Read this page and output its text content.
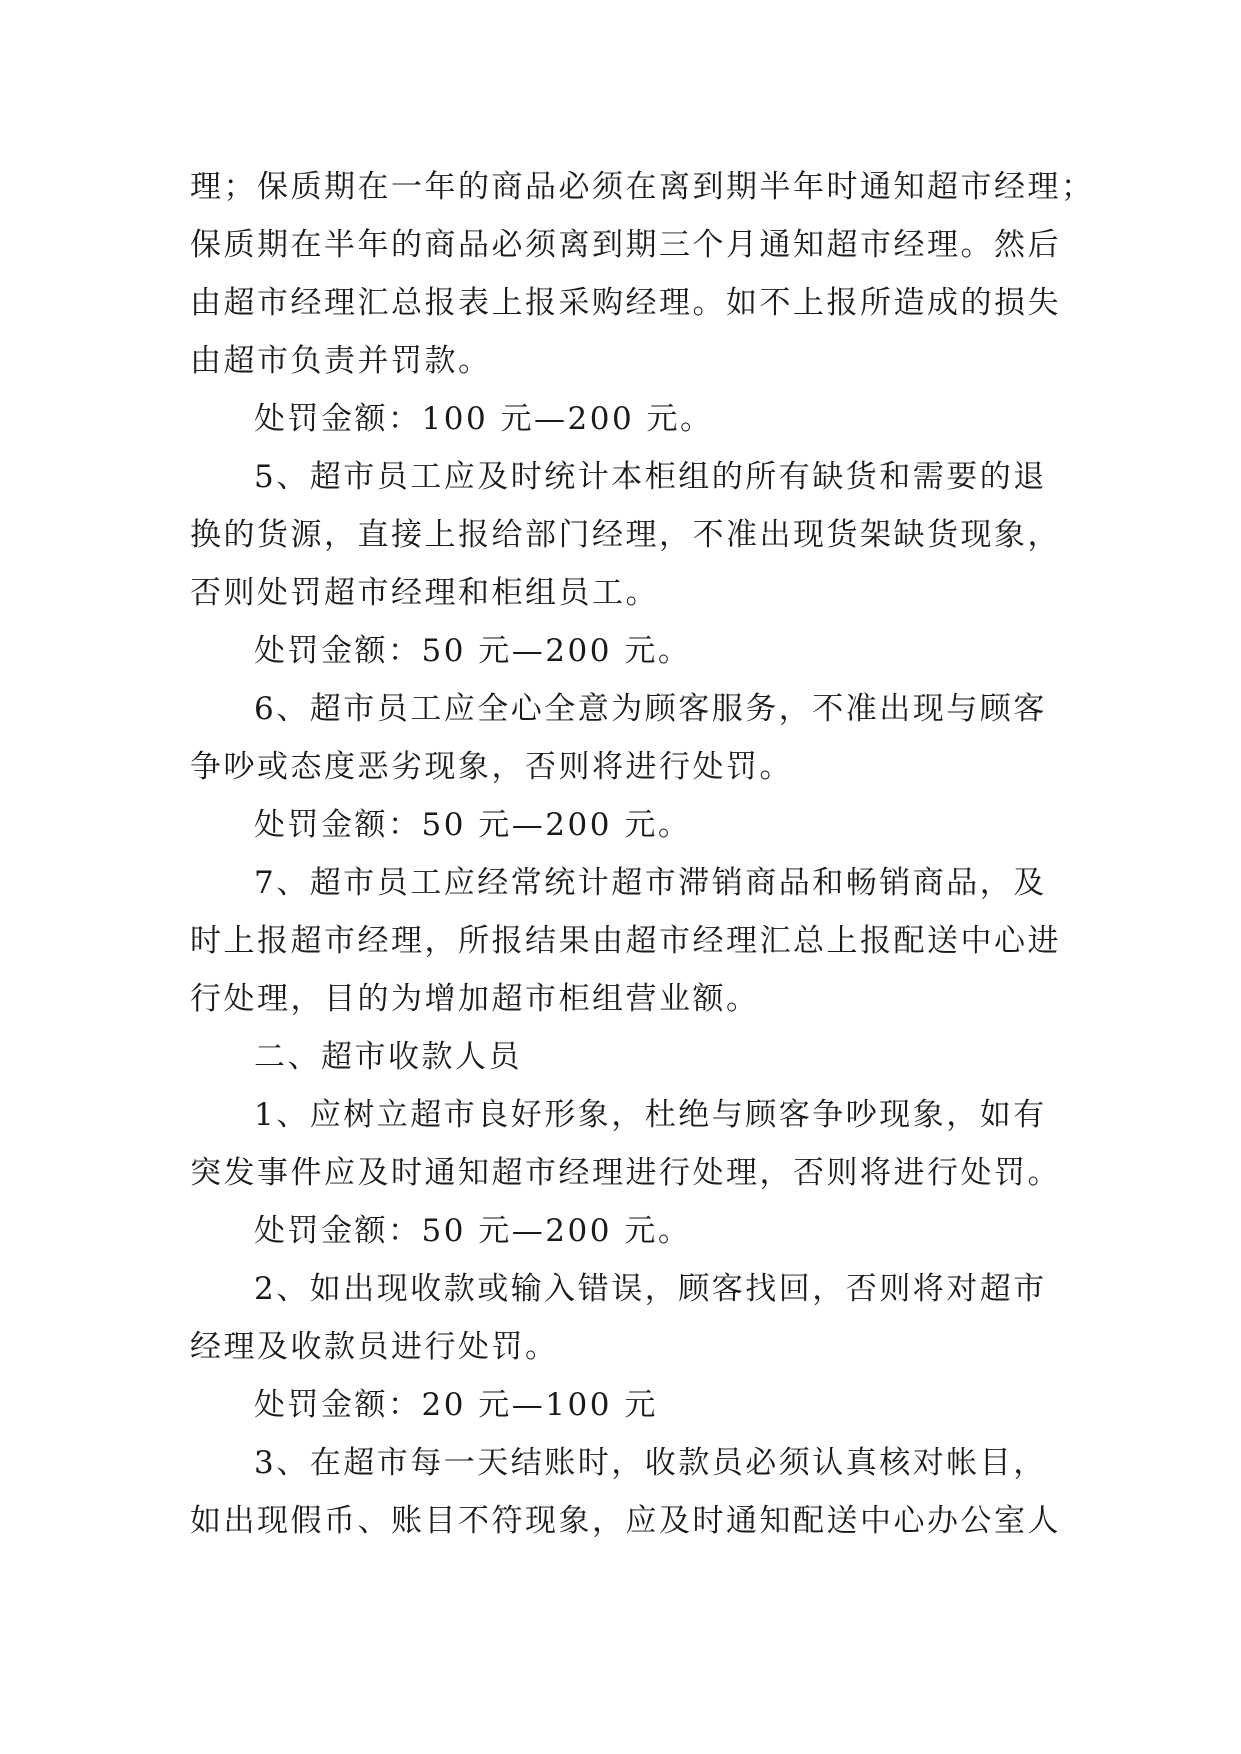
理；保质期在一年的商品必须在离到期半年时通知超市经理；
保质期在半年的商品必须离到期三个月通知超市经理。然后
由超市经理汇总报表上报采购经理。如不上报所造成的损失
由超市负责并罚款。
处罚金额：100 元—200 元。
5、超市员工应及时统计本柜组的所有缺货和需要的退
换的货源，直接上报给部门经理，不准出现货架缺货现象，
否则处罚超市经理和柜组员工。
处罚金额：50 元—200 元。
6、超市员工应全心全意为顾客服务，不准出现与顾客
争吵或态度恶劣现象，否则将进行处罚。
处罚金额：50 元—200 元。
7、超市员工应经常统计超市滞销商品和畅销商品，及
时上报超市经理，所报结果由超市经理汇总上报配送中心进
行处理，目的为增加超市柜组营业额。
二、超市收款人员
1、应树立超市良好形象，杜绝与顾客争吵现象，如有
突发事件应及时通知超市经理进行处理，否则将进行处罚。
处罚金额：50 元—200 元。
2、如出现收款或输入错误，顾客找回，否则将对超市
经理及收款员进行处罚。
处罚金额：20 元—100 元
3、在超市每一天结账时，收款员必须认真核对帐目，
如出现假币、账目不符现象，应及时通知配送中心办公室人
